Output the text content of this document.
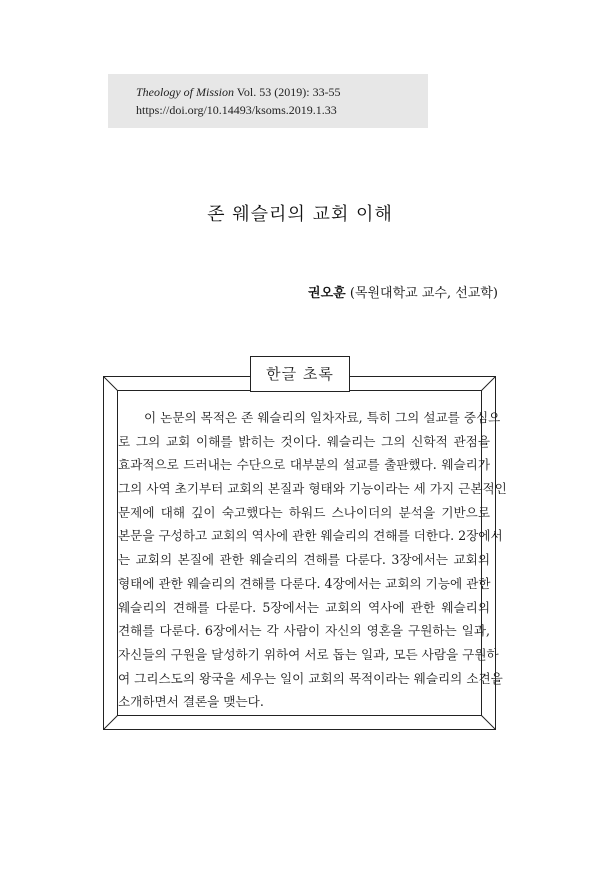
Theology of Mission Vol. 53 (2019): 33-55
https://doi.org/10.14493/ksoms.2019.1.33
존 웨슬리의 교회 이해
권오훈 (목원대학교 교수, 선교학)
한글 초록
이 논문의 목적은 존 웨슬리의 일차자료, 특히 그의 설교를 중심으
로 그의 교회 이해를 밝히는 것이다. 웨슬리는 그의 신학적 관점을
효과적으로 드러내는 수단으로 대부분의 설교를 출판했다. 웨슬리가
그의 사역 초기부터 교회의 본질과 형태와 기능이라는 세 가지 근본적인
문제에 대해 깊이 숙고했다는 하워드 스나이더의 분석을 기반으로
본문을 구성하고 교회의 역사에 관한 웨슬리의 견해를 더한다. 2장에서
는 교회의 본질에 관한 웨슬리의 견해를 다룬다. 3장에서는 교회의
형태에 관한 웨슬리의 견해를 다룬다. 4장에서는 교회의 기능에 관한
웨슬리의 견해를 다룬다. 5장에서는 교회의 역사에 관한 웨슬리의
견해를 다룬다. 6장에서는 각 사람이 자신의 영혼을 구원하는 일과,
자신들의 구원을 달성하기 위하여 서로 돕는 일과, 모든 사람을 구원하
여 그리스도의 왕국을 세우는 일이 교회의 목적이라는 웨슬리의 소견을
소개하면서 결론을 맺는다.
